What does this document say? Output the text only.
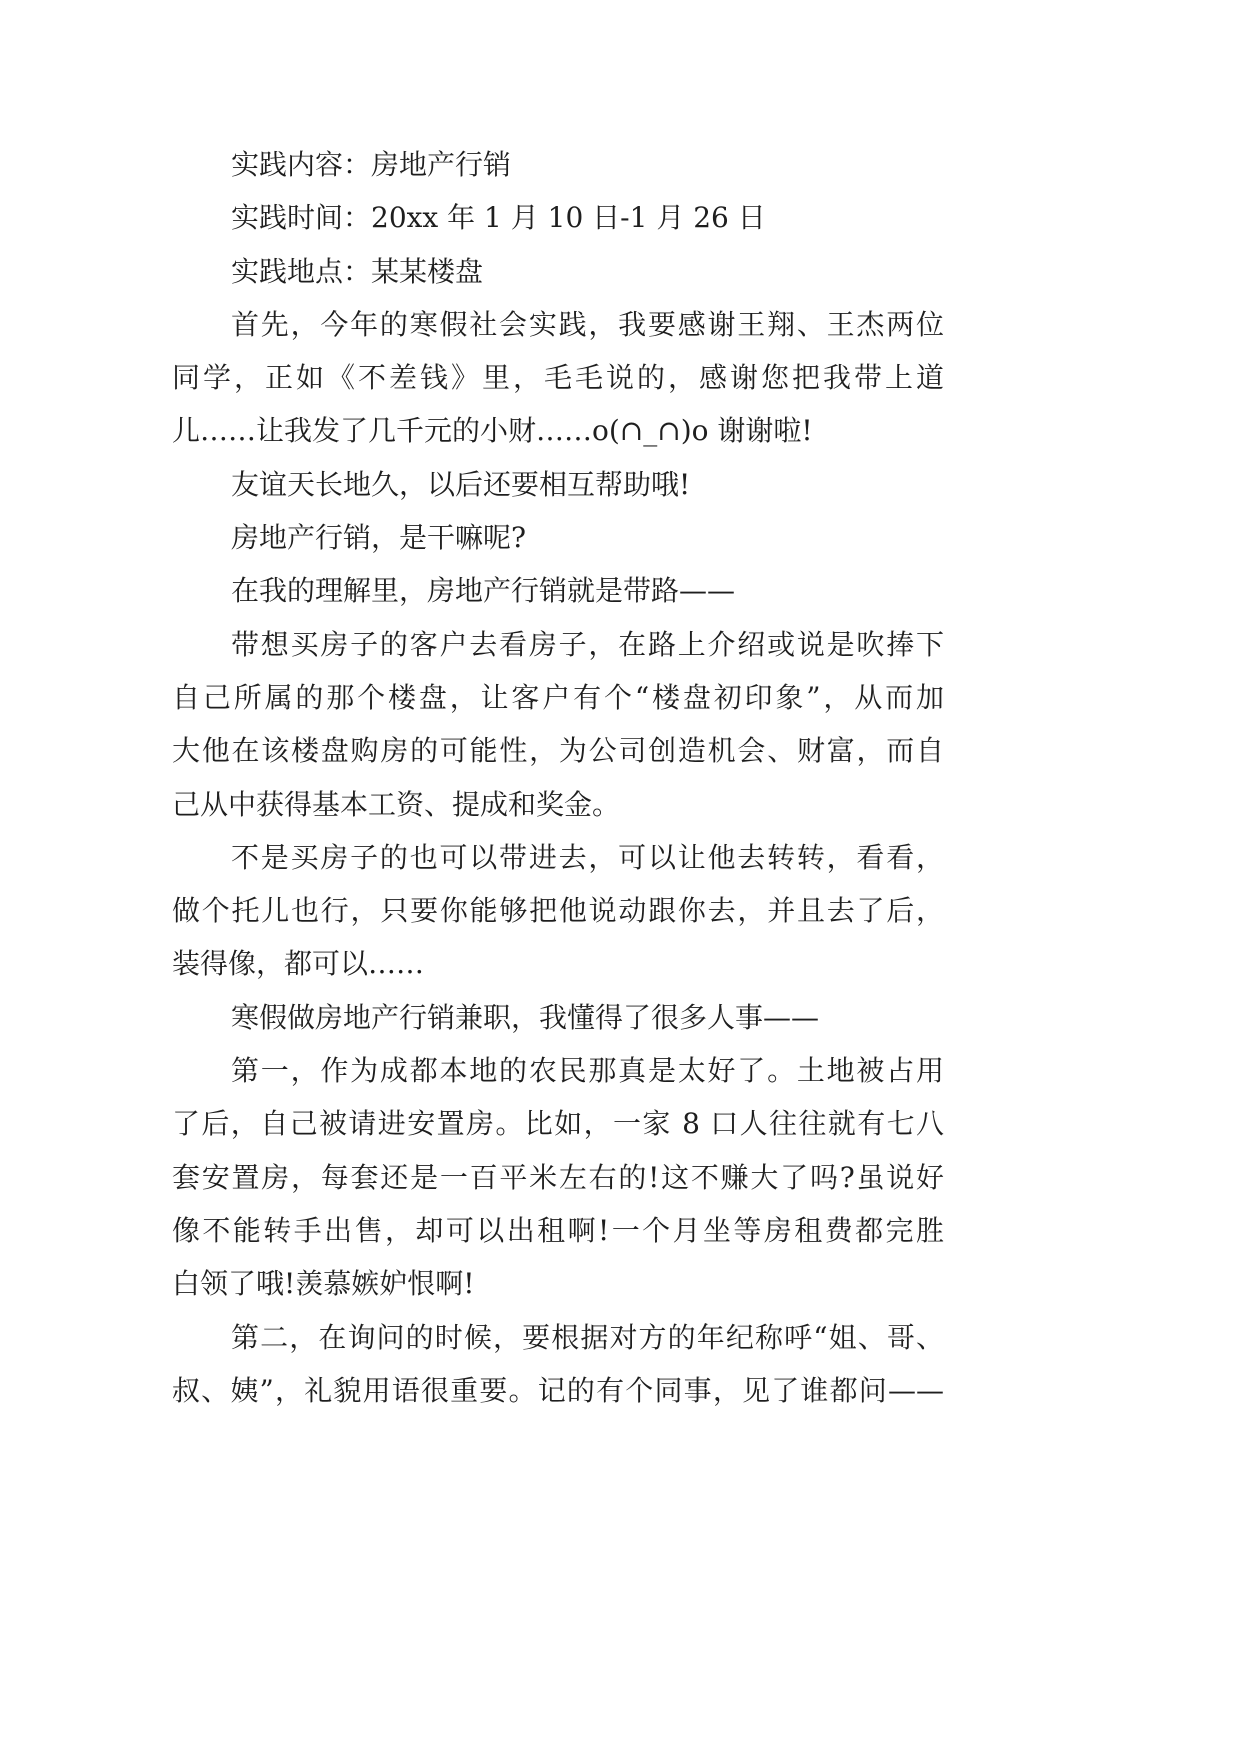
实践内容：房地产行销
实践时间：20xx 年 1 月 10 日-1 月 26 日
实践地点：某某楼盘
首先，今年的寒假社会实践，我要感谢王翔、王杰两位
同学，正如《不差钱》里，毛毛说的，感谢您把我带上道
儿……让我发了几千元的小财……o(∩_∩)o 谢谢啦!
友谊天长地久，以后还要相互帮助哦!
房地产行销，是干嘛呢?
在我的理解里，房地产行销就是带路——
带想买房子的客户去看房子，在路上介绍或说是吹捧下
自己所属的那个楼盘，让客户有个“楼盘初印象”，从而加
大他在该楼盘购房的可能性，为公司创造机会、财富，而自
己从中获得基本工资、提成和奖金。
不是买房子的也可以带进去，可以让他去转转，看看，
做个托儿也行，只要你能够把他说动跟你去，并且去了后，
装得像，都可以……
寒假做房地产行销兼职，我懂得了很多人事——
第一，作为成都本地的农民那真是太好了。土地被占用
了后，自己被请进安置房。比如，一家 8 口人往往就有七八
套安置房，每套还是一百平米左右的!这不赚大了吗?虽说好
像不能转手出售，却可以出租啊!一个月坐等房租费都完胜
白领了哦!羡慕嫉妒恨啊!
第二，在询问的时候，要根据对方的年纪称呼“姐、哥、
叔、姨”，礼貌用语很重要。记的有个同事，见了谁都问——
